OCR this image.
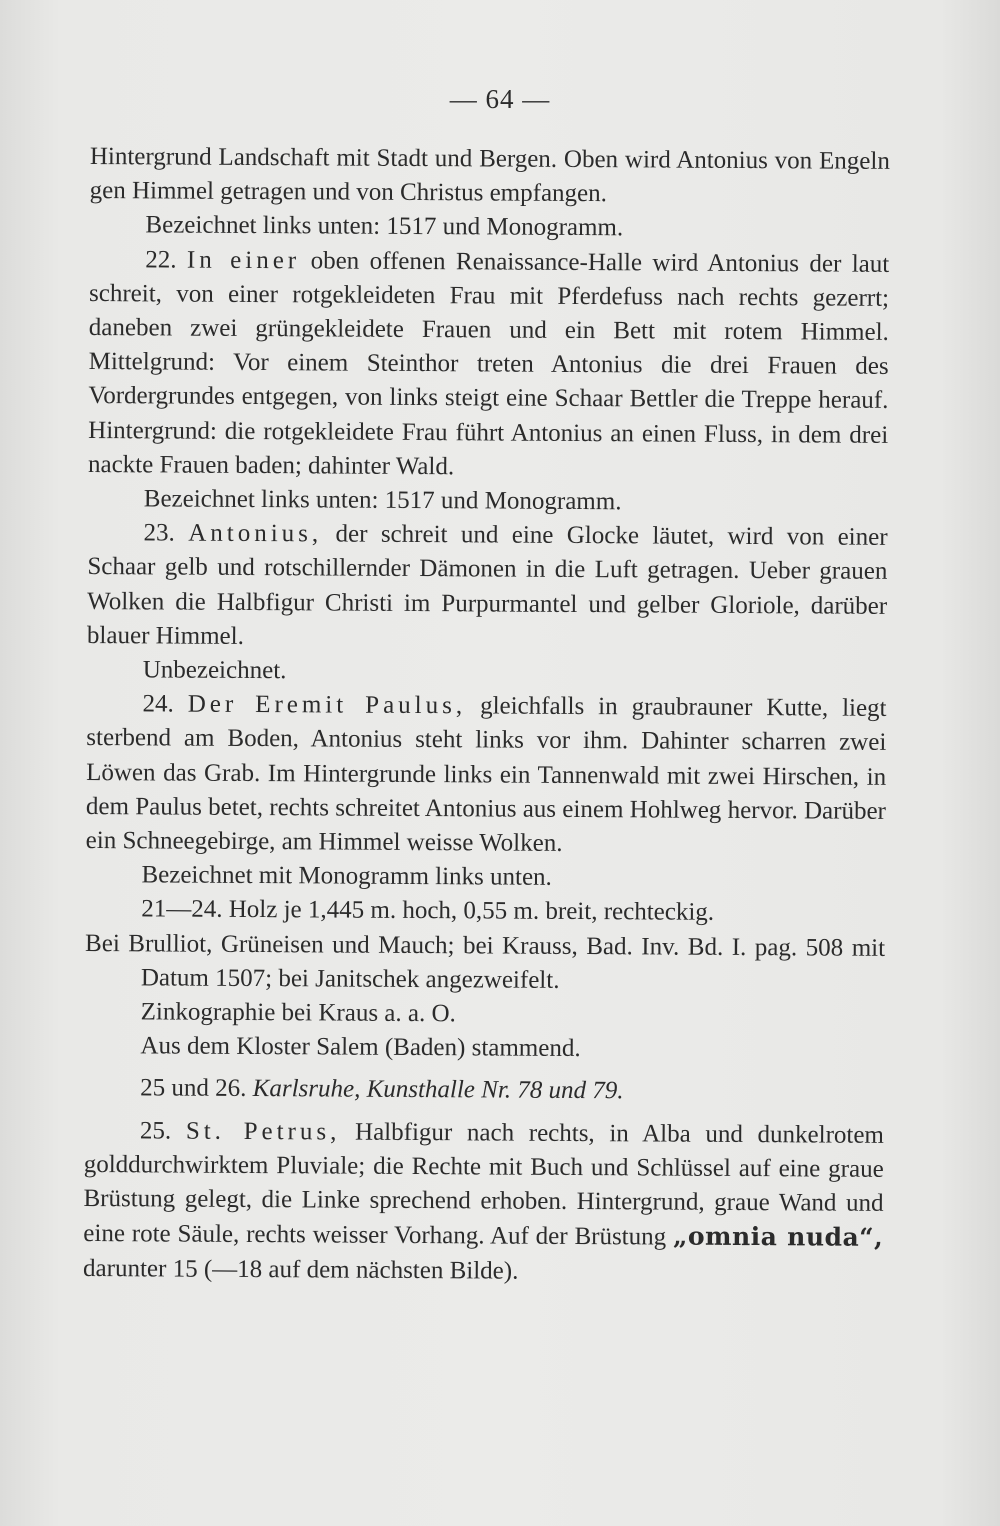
— 64 —

Hintergrund Landschaft mit Stadt und Bergen. Oben wird Antonius von Engeln gen Himmel getragen und von Christus empfangen.

Bezeichnet links unten: 1517 und Monogramm.

22. In einer oben offenen Renaissance-Halle wird Antonius der laut schreit, von einer rotgekleideten Frau mit Pferdefuss nach rechts gezerrt; daneben zwei grüngekleidete Frauen und ein Bett mit rotem Himmel. Mittelgrund: Vor einem Steinthor treten Antonius die drei Frauen des Vordergrundes entgegen, von links steigt eine Schaar Bettler die Treppe herauf. Hintergrund: die rotgekleidete Frau führt Antonius an einen Fluss, in dem drei nackte Frauen baden; dahinter Wald.

Bezeichnet links unten: 1517 und Monogramm.

23. Antonius, der schreit und eine Glocke läutet, wird von einer Schaar gelb und rotschillernder Dämonen in die Luft getragen. Ueber grauen Wolken die Halbfigur Christi im Purpurmantel und gelber Gloriole, darüber blauer Himmel.

Unbezeichnet.

24. Der Eremit Paulus, gleichfalls in graubrauner Kutte, liegt sterbend am Boden, Antonius steht links vor ihm. Dahinter scharren zwei Löwen das Grab. Im Hintergrunde links ein Tannenwald mit zwei Hirschen, in dem Paulus betet, rechts schreitet Antonius aus einem Hohlweg hervor. Darüber ein Schneegebirge, am Himmel weisse Wolken.

Bezeichnet mit Monogramm links unten.

21—24. Holz je 1,445 m. hoch, 0,55 m. breit, rechteckig.

Bei Brulliot, Grüneisen und Mauch; bei Krauss, Bad. Inv. Bd. I. pag. 508 mit Datum 1507; bei Janitschek angezweifelt.

Zinkographie bei Kraus a. a. O.

Aus dem Kloster Salem (Baden) stammend.

25 und 26. Karlsruhe, Kunsthalle Nr. 78 und 79.

25. St. Petrus, Halbfigur nach rechts, in Alba und dunkelrotem golddurchwirktem Pluviale; die Rechte mit Buch und Schlüssel auf eine graue Brüstung gelegt, die Linke sprechend erhoben. Hintergrund, graue Wand und eine rote Säule, rechts weisser Vorhang. Auf der Brüstung „omnia nuda“, darunter 15 (—18 auf dem nächsten Bilde).
